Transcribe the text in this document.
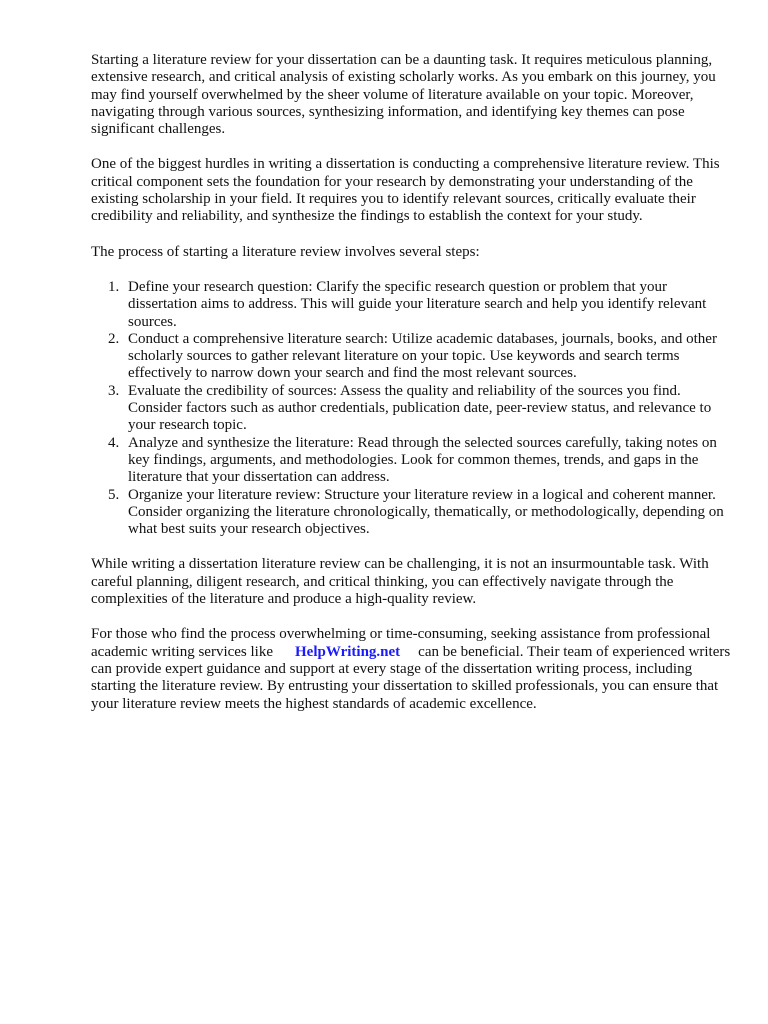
Starting a literature review for your dissertation can be a daunting task. It requires meticulous planning, extensive research, and critical analysis of existing scholarly works. As you embark on this journey, you may find yourself overwhelmed by the sheer volume of literature available on your topic. Moreover, navigating through various sources, synthesizing information, and identifying key themes can pose significant challenges.

One of the biggest hurdles in writing a dissertation is conducting a comprehensive literature review. This critical component sets the foundation for your research by demonstrating your understanding of the existing scholarship in your field. It requires you to identify relevant sources, critically evaluate their credibility and reliability, and synthesize the findings to establish the context for your study.

The process of starting a literature review involves several steps:

1. Define your research question: Clarify the specific research question or problem that your dissertation aims to address. This will guide your literature search and help you identify relevant sources.
2. Conduct a comprehensive literature search: Utilize academic databases, journals, books, and other scholarly sources to gather relevant literature on your topic. Use keywords and search terms effectively to narrow down your search and find the most relevant sources.
3. Evaluate the credibility of sources: Assess the quality and reliability of the sources you find. Consider factors such as author credentials, publication date, peer-review status, and relevance to your research topic.
4. Analyze and synthesize the literature: Read through the selected sources carefully, taking notes on key findings, arguments, and methodologies. Look for common themes, trends, and gaps in the literature that your dissertation can address.
5. Organize your literature review: Structure your literature review in a logical and coherent manner. Consider organizing the literature chronologically, thematically, or methodologically, depending on what best suits your research objectives.

While writing a dissertation literature review can be challenging, it is not an insurmountable task. With careful planning, diligent research, and critical thinking, you can effectively navigate through the complexities of the literature and produce a high-quality review.

For those who find the process overwhelming or time-consuming, seeking assistance from professional academic writing services like HelpWriting.net can be beneficial. Their team of experienced writers can provide expert guidance and support at every stage of the dissertation writing process, including starting the literature review. By entrusting your dissertation to skilled professionals, you can ensure that your literature review meets the highest standards of academic excellence.
